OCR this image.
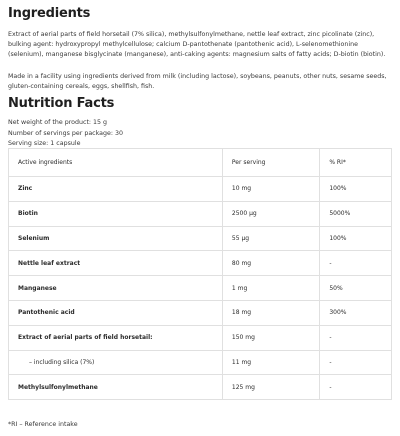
Ingredients

Extract of aerial parts of field horsetail (7% silica), methylsulfonylmethane, nettle leaf extract, zinc picolinate (zinc), bulking agent: hydroxypropyl methylcellulose; calcium D-pantothenate (pantothenic acid), L-selenomethionine (selenium), manganese bisglycinate (manganese), anti-caking agents: magnesium salts of fatty acids; D-biotin (biotin).

Made in a facility using ingredients derived from milk (including lactose), soybeans, peanuts, other nuts, sesame seeds, gluten-containing cereals, eggs, shellfish, fish.

Nutrition Facts
Net weight of the product: 15 g
Number of servings per package: 30
Serving size: 1 capsule
Active ingredients	Per serving	% RI*
Zinc	10 mg	100%
Biotin	2500 µg	5000%
Selenium	55 µg	100%
Nettle leaf extract	80 mg	-
Manganese	1 mg	50%
Pantothenic acid	18 mg	300%
Extract of aerial parts of field horsetail:	150 mg	-
– including silica (7%)	11 mg	-
Methylsulfonylmethane	125 mg	-
*RI – Reference intake
